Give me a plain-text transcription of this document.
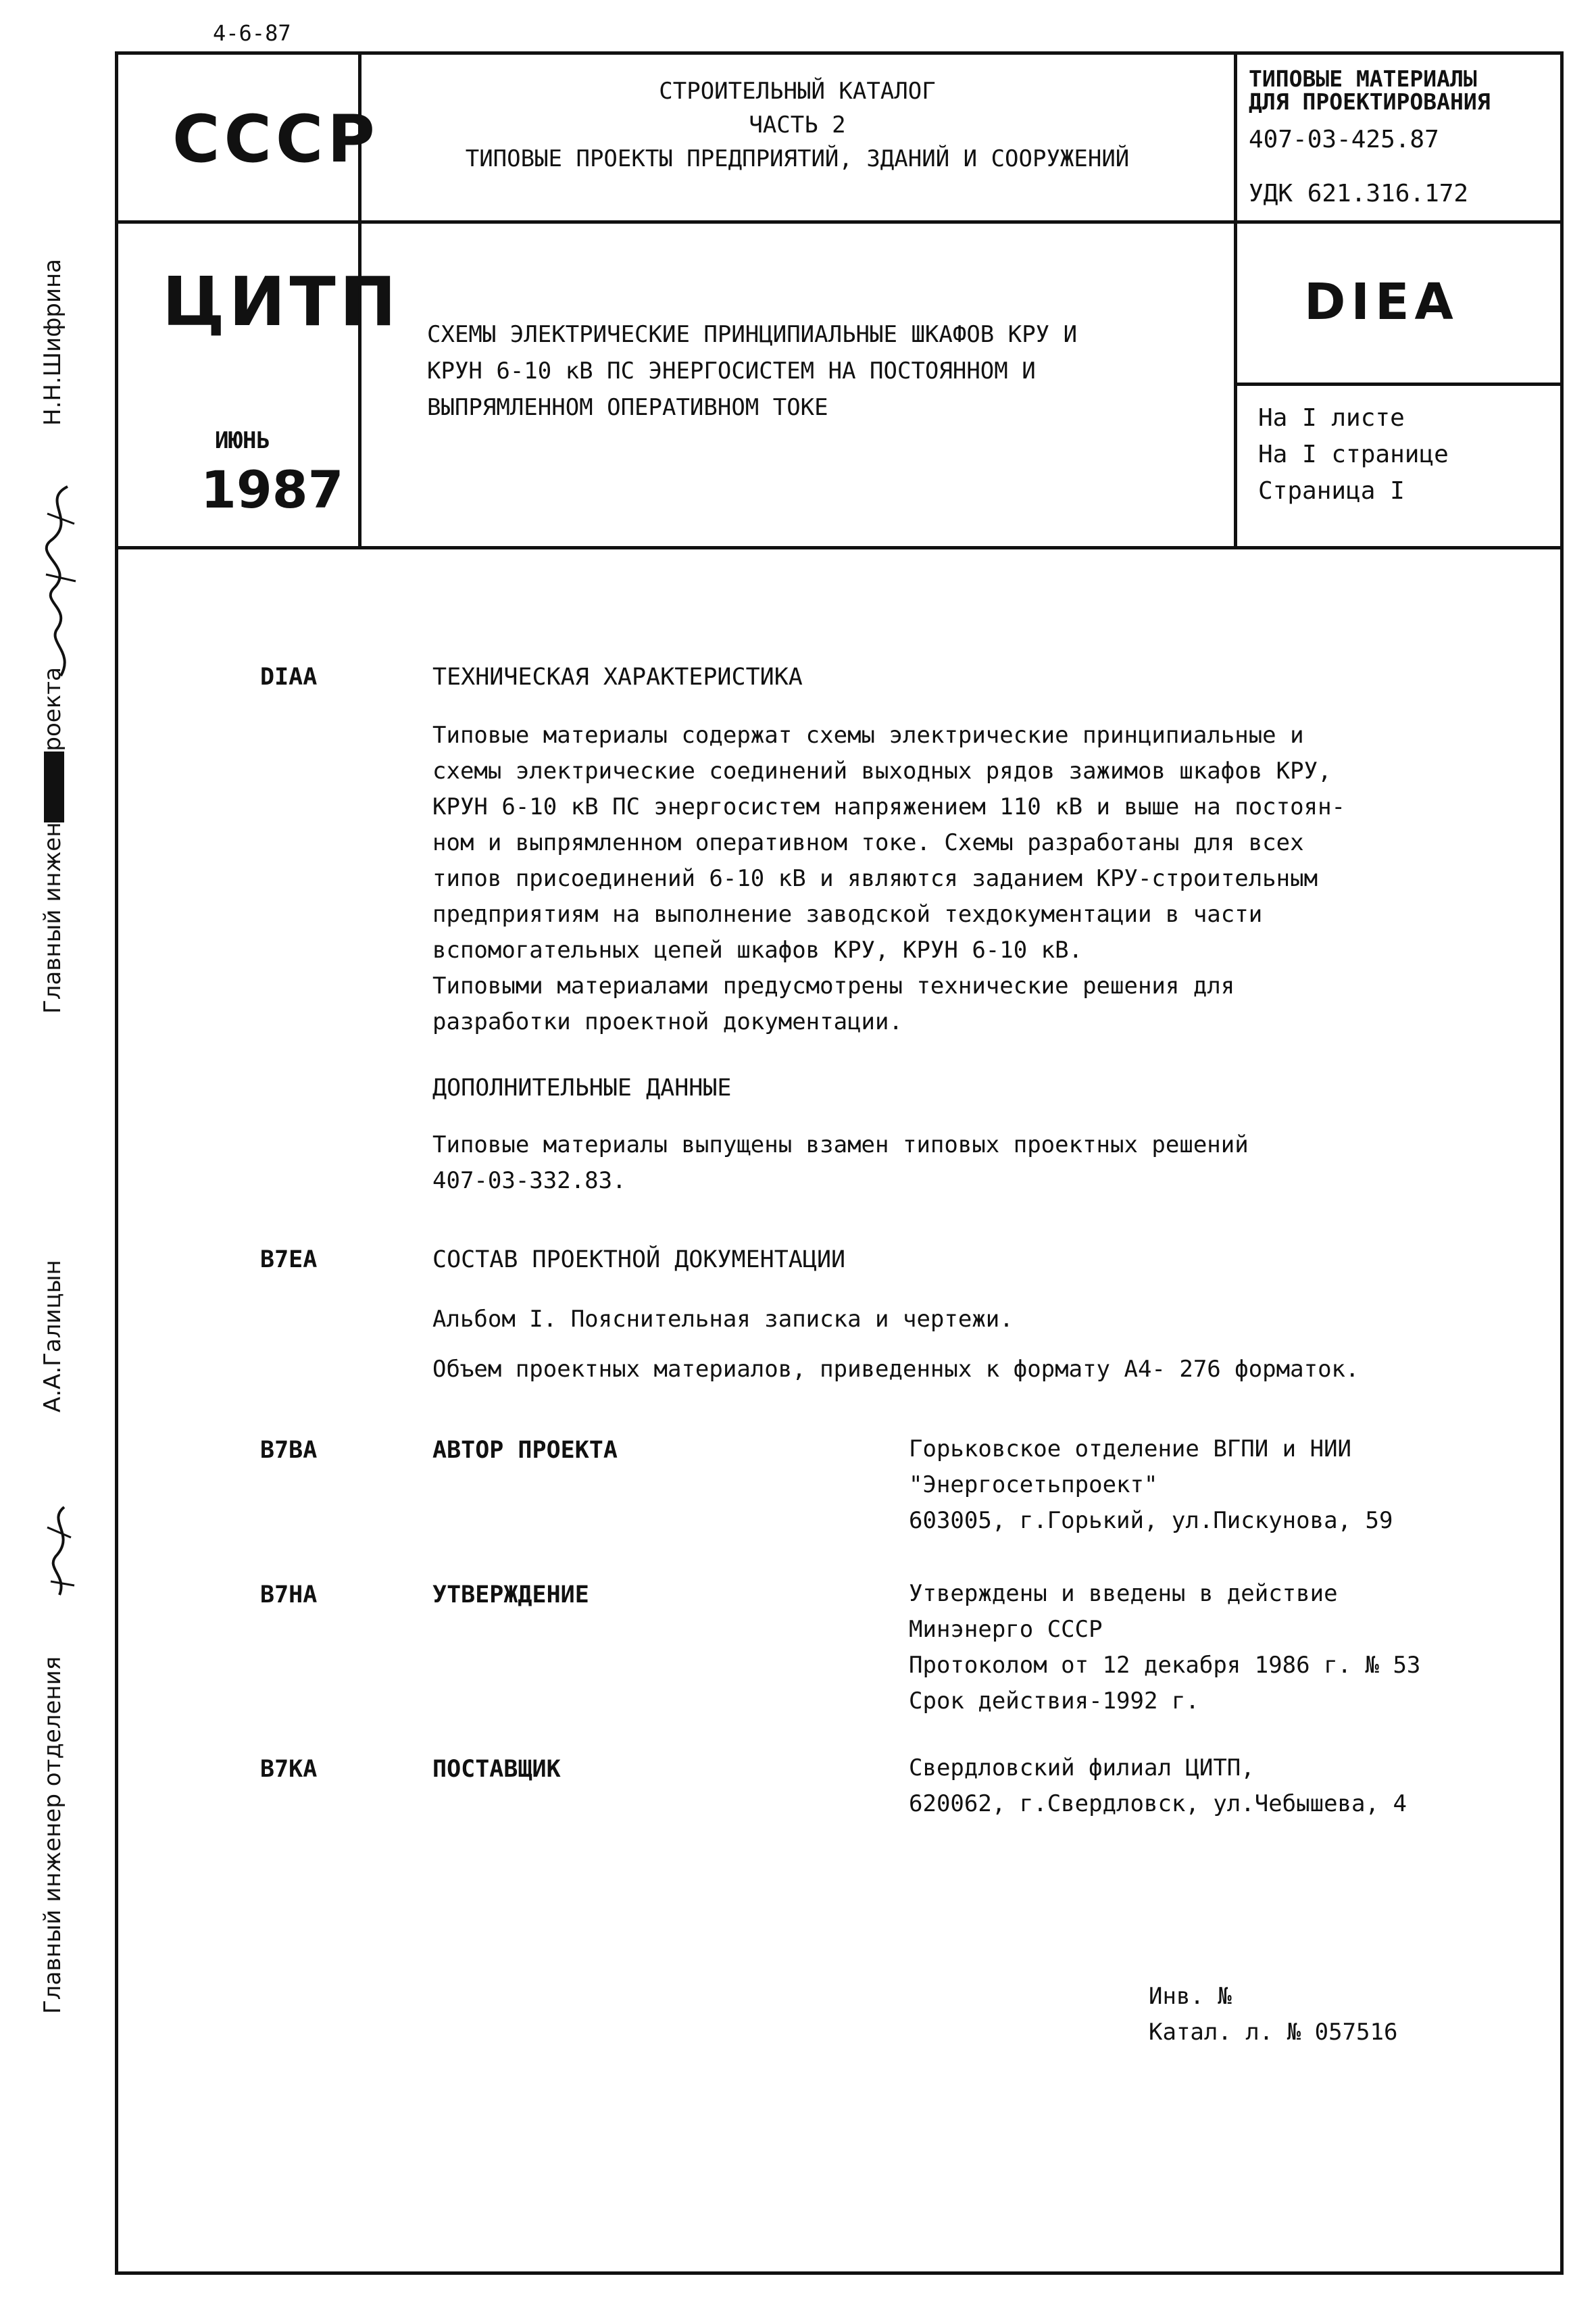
4-6-87
СССР
ЦИТП
ИЮНЬ
1987
СТРОИТЕЛЬНЫЙ КАТАЛОГ
ЧАСТЬ 2
ТИПОВЫЕ ПРОЕКТЫ ПРЕДПРИЯТИЙ, ЗДАНИЙ И СООРУЖЕНИЙ
СХЕМЫ ЭЛЕКТРИЧЕСКИЕ ПРИНЦИПИАЛЬНЫЕ ШКАФОВ КРУ И
КРУН 6-10 кВ ПС ЭНЕРГОСИСТЕМ НА ПОСТОЯННОМ И
ВЫПРЯМЛЕННОМ ОПЕРАТИВНОМ ТОКЕ
ТИПОВЫЕ МАТЕРИАЛЫ
ДЛЯ ПРОЕКТИРОВАНИЯ
407-03-425.87
УДК 621.316.172
DIEA
На I листе
На I странице
Страница I
DIAA	ТЕХНИЧЕСКАЯ ХАРАКТЕРИСТИКА
Типовые материалы содержат схемы электрические принципиальные и
схемы электрические соединений выходных рядов зажимов шкафов КРУ,
КРУН 6-10 кВ ПС энергосистем напряжением 110 кВ и выше на постоян-
ном и выпрямленном оперативном токе. Схемы разработаны для всех
типов присоединений 6-10 кВ и являются заданием КРУ-строительным
предприятиям на выполнение заводской техдокументации в части
вспомогательных цепей шкафов КРУ, КРУН 6-10 кВ.
Типовыми материалами предусмотрены технические решения для
разработки проектной документации.
ДОПОЛНИТЕЛЬНЫЕ ДАННЫЕ
Типовые материалы выпущены взамен типовых проектных решений
407-03-332.83.
B7EA	СОСТАВ ПРОЕКТНОЙ ДОКУМЕНТАЦИИ
Альбом I. Пояснительная записка и чертежи.
Объем проектных материалов, приведенных к формату А4- 276 форматок.
B7BA	АВТОР ПРОЕКТА	Горьковское отделение ВГПИ и НИИ
"Энергосетьпроект"
603005, г.Горький, ул.Пискунова, 59
B7HA	УТВЕРЖДЕНИЕ	Утверждены и введены в действие
Минэнерго СССР
Протоколом от 12 декабря 1986 г. № 53
Срок действия-1992 г.
B7KA	ПОСТАВЩИК	Свердловский филиал ЦИТП,
620062, г.Свердловск, ул.Чебышева, 4
Инв. №
Катал. л. № 057516
Н.Н.Шифрина
Главный инженроекта
А.А.Галицын
Главный инженер отделения
